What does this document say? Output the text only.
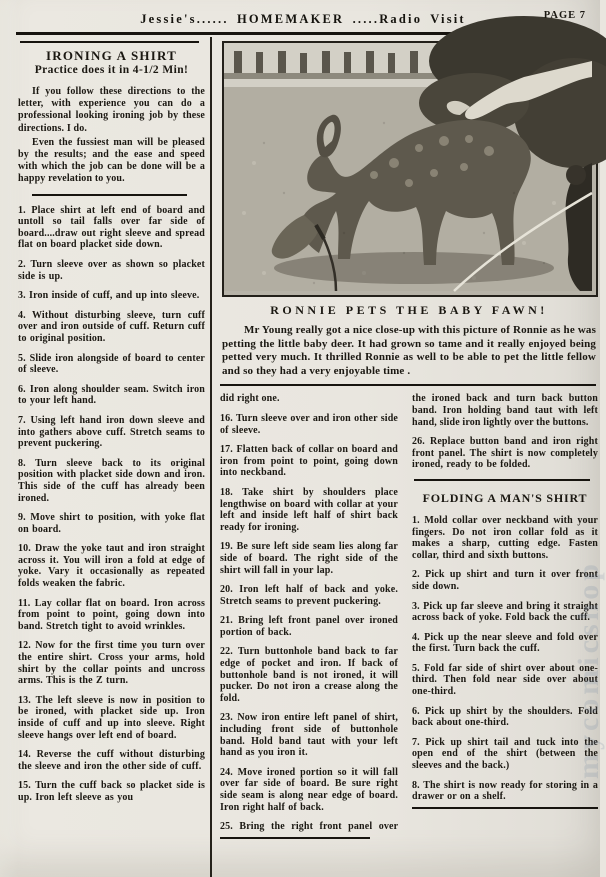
Jessie's...... HOMEMAKER .....Radio Visit	PAGE 7

IRONING A SHIRT

Practice does it in 4-1/2 Min!

If you follow these directions to the letter, with experience you can do a professional looking ironing job by these directions. I do.

Even the fussiest man will be pleased by the results; and the ease and speed with which the job can be done will be a happy revelation to you.

1. Place shirt at left end of board and untoll so tail falls over far side of board....draw out right sleeve and spread flat on board placket side down.

2. Turn sleeve over as shown so placket side is up.

3. Iron inside of cuff, and up into sleeve.

4. Without disturbing sleeve, turn cuff over and iron outside of cuff. Return cuff to original position.

5. Slide iron alongside of board to center of sleeve.

6. Iron along shoulder seam. Switch iron to your left hand.

7. Using left hand iron down sleeve and into gathers above cuff. Stretch seams to prevent puckering.

8. Turn sleeve back to its original position with placket side down and iron. This side of the cuff has already been ironed.

9. Move shirt to position, with yoke flat on board.

10. Draw the yoke taut and iron straight across it. You will iron a fold at edge of yoke. Vary it occasionally as repeated folds weaken the fabric.

11. Lay collar flat on board. Iron across from point to point, going down into band. Stretch tight to avoid wrinkles.

12. Now for the first time you turn over the entire shirt. Cross your arms, hold shirt by the collar points and uncross arms. This is the Z turn.

13. The left sleeve is now in position to be ironed, with placket side up. Iron inside of cuff and up into sleeve. Right sleeve hangs over left end of board.

14. Reverse the cuff without disturbing the sleeve and iron the other side of cuff.

15. Turn the cuff back so placket side is up. Iron left sleeve as you

RONNIE PETS THE BABY FAWN!

Mr Young really got a nice close-up with this picture of Ronnie as he was petting the little baby deer. It had grown so tame and it really enjoyed being petted very much. It thrilled Ronnie as well to be able to pet the little fellow and so they had a very enjoyable time .

did right one.

16. Turn sleeve over and iron other side of sleeve.

17. Flatten back of collar on board and iron from point to point, going down into neckband.

18. Take shirt by shoulders place lengthwise on board with collar at your left and inside left half of shirt back ready for ironing.

19. Be sure left side seam lies along far side of board. The right side of the shirt will fall in your lap.

20. Iron left half of back and yoke. Stretch seams to prevent puckering.

21. Bring left front panel over ironed portion of back.

22. Turn buttonhole band back to far edge of pocket and iron. If back of buttonhole band is not ironed, it will pucker. Do not iron a crease along the fold.

23. Now iron entire left panel of shirt, including front side of buttonhole band. Hold band taut with your left hand as you iron it.

24. Move ironed portion so it will fall over far side of board. Be sure right side seam is along near edge of board. Iron right half of back.

25. Bring the right front panel over

the ironed back and turn back button band. Iron holding band taut with left hand, slide iron lightly over the buttons.

26. Replace button band and iron right front panel. The shirt is now completely ironed, ready to be folded.

FOLDING A MAN'S SHIRT

1. Mold collar over neckband with your fingers. Do not iron collar fold as it makes a sharp, cutting edge. Fasten collar, third and sixth buttons.

2. Pick up shirt and turn it over front side down.

3. Pick up far sleeve and bring it straight across back of yoke. Fold back the cuff.

4. Pick up the near sleeve and fold over the first. Turn back the cuff.

5. Fold far side of shirt over about one-third. Then fold near side over about one-third.

6. Pick up shirt by the shoulders. Fold back about one-third.

7. Pick up shirt tail and tuck into the open end of the shirt (between the sleeves and the back.)

8. The shirt is now ready for storing in a drawer or on a shelf.

mycomicshop
